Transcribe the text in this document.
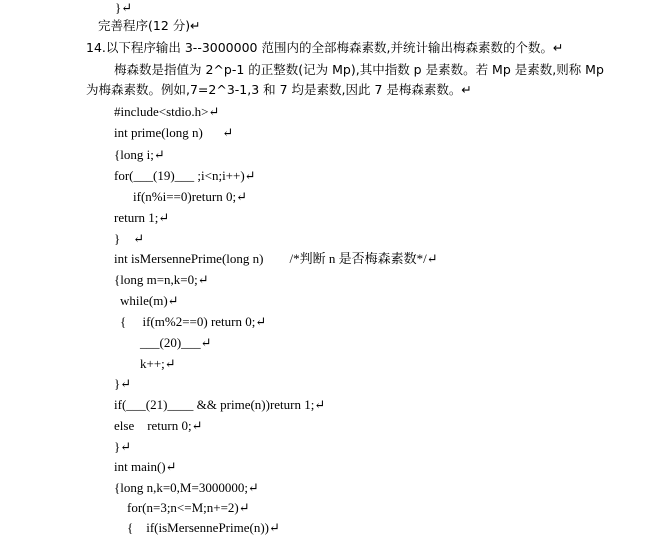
}↵
完善程序(12 分)↵
14.以下程序输出 3--3000000 范围内的全部梅森素数,并统计输出梅森素数的个数。↵
梅森数是指值为 2^p-1 的正整数(记为 Mp),其中指数 p 是素数。若 Mp 是素数,则称 Mp
为梅森素数。例如,7=2^3-1,3 和 7 均是素数,因此 7 是梅森素数。↵
#include<stdio.h>↵
int prime(long n)      ↵
{long i;↵
for(___(19)___ ;i<n;i++)↵
if(n%i==0)return 0;↵
return 1;↵
}    ↵
int isMersennePrime(long n)        /*判断 n 是否梅森素数*/↵
{long m=n,k=0;↵
while(m)↵
{     if(m%2==0) return 0;↵
___(20)___↵
k++;↵
}↵
if(___(21)____ && prime(n))return 1;↵
else    return 0;↵
}↵
int main()↵
{long n,k=0,M=3000000;↵
for(n=3;n<=M;n+=2)↵
{    if(isMersennePrime(n))↵
